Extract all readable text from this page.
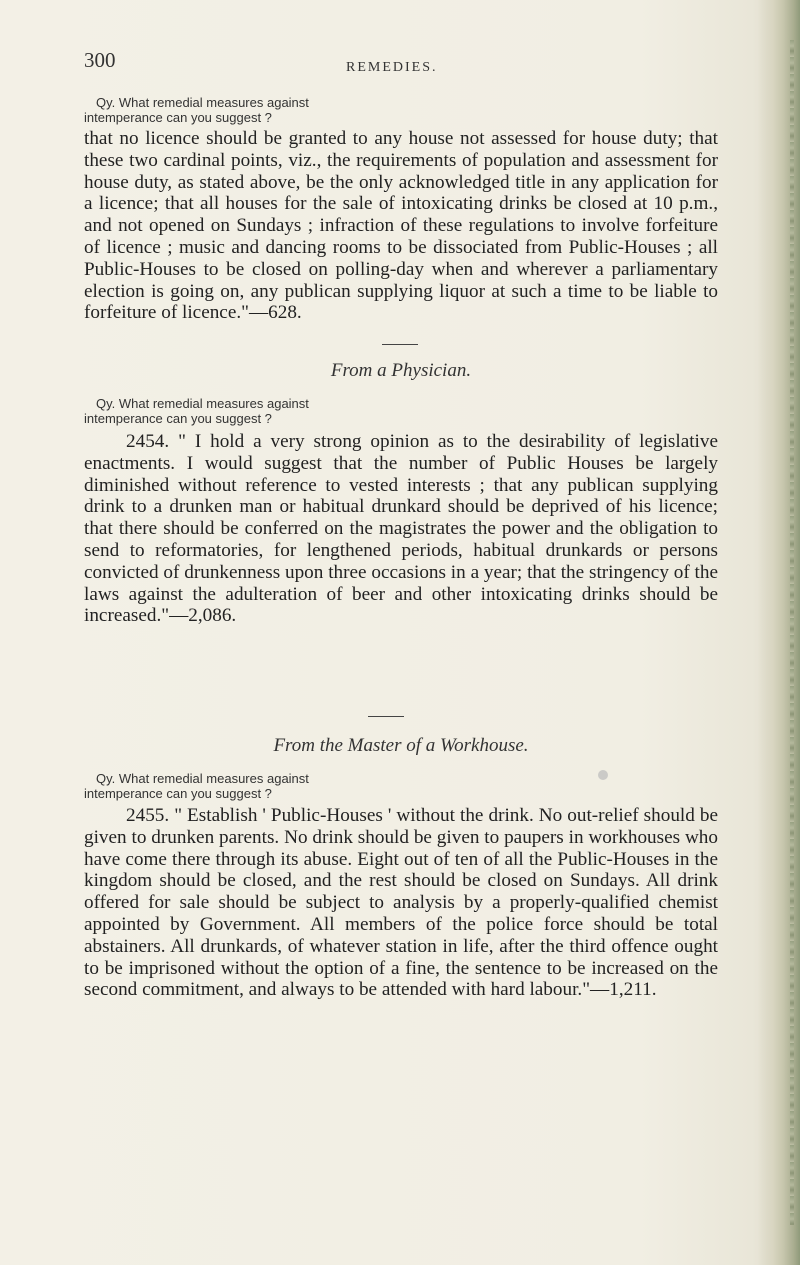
300	REMEDIES.
Qy. What remedial measures against
intemperance can you suggest ?
that no licence should be granted to any house not assessed for house duty; that these two cardinal points, viz., the requirements of population and assessment for house duty, as stated above, be the only acknowledged title in any application for a licence; that all houses for the sale of intoxicating drinks be closed at 10 p.m., and not opened on Sundays ; infraction of these regulations to involve forfeiture of licence ; music and dancing rooms to be dissociated from Public-Houses ; all Public-Houses to be closed on polling-day when and wherever a parliamentary election is going on, any publican supplying liquor at such a time to be liable to forfeiture of licence."—628.
From a Physician.
Qy. What remedial measures against
intemperance can you suggest ?
2454. " I hold a very strong opinion as to the desirability of legislative enactments. I would suggest that the number of Public Houses be largely diminished without reference to vested interests ; that any publican supplying drink to a drunken man or habitual drunkard should be deprived of his licence; that there should be conferred on the magistrates the power and the obligation to send to reformatories, for lengthened periods, habitual drunkards or persons convicted of drunkenness upon three occasions in a year; that the stringency of the laws against the adulteration of beer and other intoxicating drinks should be increased."—2,086.
From the Master of a Workhouse.
Qy. What remedial measures against
intemperance can you suggest ?
2455. " Establish ' Public-Houses ' without the drink. No out-relief should be given to drunken parents. No drink should be given to paupers in workhouses who have come there through its abuse. Eight out of ten of all the Public-Houses in the kingdom should be closed, and the rest should be closed on Sundays. All drink offered for sale should be subject to analysis by a properly-qualified chemist appointed by Government. All members of the police force should be total abstainers. All drunkards, of whatever station in life, after the third offence ought to be imprisoned without the option of a fine, the sentence to be increased on the second commitment, and always to be attended with hard labour."—1,211.
